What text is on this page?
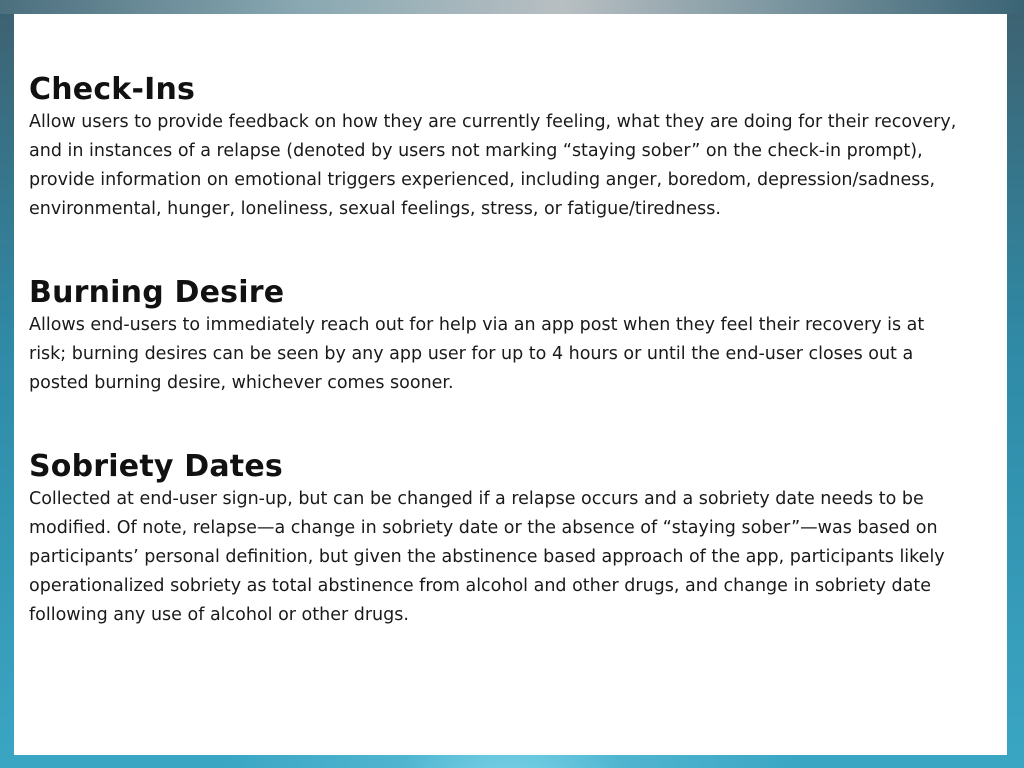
Check-Ins

Allow users to provide feedback on how they are currently feeling, what they are doing for their recovery, and in instances of a relapse (denoted by users not marking “staying sober” on the check-in prompt), provide information on emotional triggers experienced, including anger, boredom, depression/sadness, environmental, hunger, loneliness, sexual feelings, stress, or fatigue/tiredness.

Burning Desire

Allows end-users to immediately reach out for help via an app post when they feel their recovery is at risk; burning desires can be seen by any app user for up to 4 hours or until the end-user closes out a posted burning desire, whichever comes sooner.

Sobriety Dates

Collected at end-user sign-up, but can be changed if a relapse occurs and a sobriety date needs to be modified. Of note, relapse—a change in sobriety date or the absence of “staying sober”—was based on participants’ personal definition, but given the abstinence based approach of the app, participants likely operationalized sobriety as total abstinence from alcohol and other drugs, and change in sobriety date following any use of alcohol or other drugs.
